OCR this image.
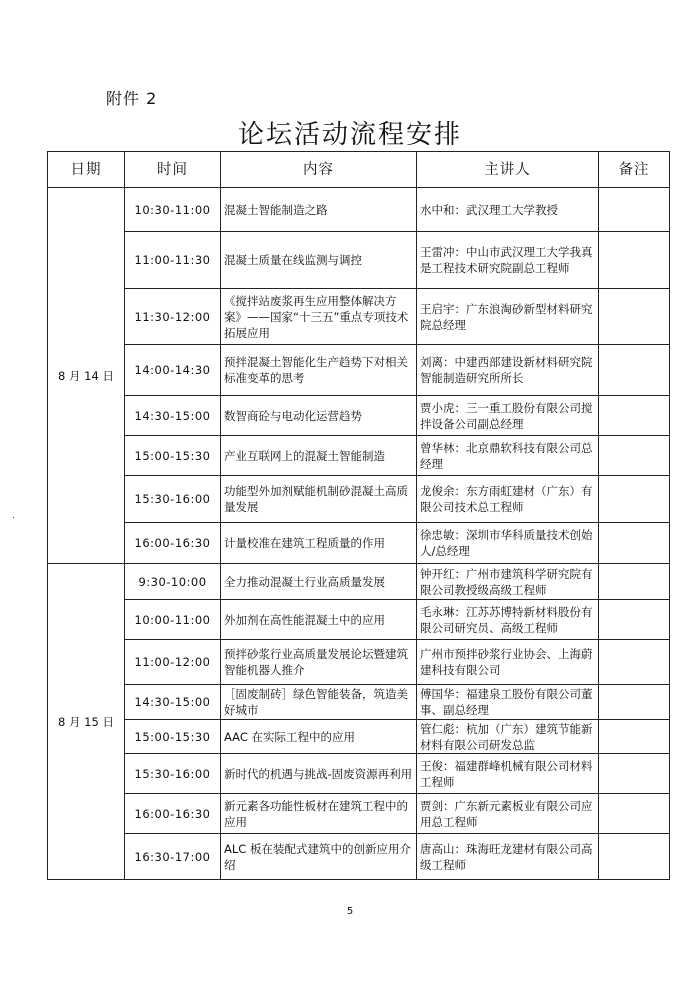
附件 2
论坛活动流程安排
٠
日期	时间	内容	主讲人	备注
8 月 14 日	10:30-11:00	混凝土智能制造之路	水中和：武汉理工大学教授	
	11:00-11:30	混凝土质量在线监测与调控	王雷冲：中山市武汉理工大学我真是工程技术研究院副总工程师	
	11:30-12:00	《搅拌站废浆再生应用整体解决方案》——国家“十三五”重点专项技术拓展应用	王启宇：广东浪淘砂新型材料研究院总经理	
	14:00-14:30	预拌混凝土智能化生产趋势下对相关标准变革的思考	刘离：中建西部建设新材料研究院智能制造研究所所长	
	14:30-15:00	数智商砼与电动化运营趋势	贾小虎：三一重工股份有限公司搅拌设备公司副总经理	
	15:00-15:30	产业互联网上的混凝土智能制造	曾华林：北京鼎软科技有限公司总经理	
	15:30-16:00	功能型外加剂赋能机制砂混凝土高质量发展	龙俊余：东方雨虹建材（广东）有限公司技术总工程师	
	16:00-16:30	计量校准在建筑工程质量的作用	徐忠敏：深圳市华科质量技术创始人/总经理	
8 月 15 日	9:30-10:00	全力推动混凝土行业高质量发展	钟开红：广州市建筑科学研究院有限公司教授级高级工程师	
	10:00-11:00	外加剂在高性能混凝土中的应用	毛永琳：江苏苏博特新材料股份有限公司研究员、高级工程师	
	11:00-12:00	预拌砂浆行业高质量发展论坛暨建筑智能机器人推介	广州市预拌砂浆行业协会、上海蔚建科技有限公司	
	14:30-15:00	［固废制砖］绿色智能装备，筑造美好城市	傅国华：福建泉工股份有限公司董事、副总经理	
	15:00-15:30	AAC 在实际工程中的应用	管仁彪：杭加（广东）建筑节能新材料有限公司研发总监	
	15:30-16:00	新时代的机遇与挑战-固废资源再利用	王俊：福建群峰机械有限公司材料工程师	
	16:00-16:30	新元素各功能性板材在建筑工程中的应用	贾剑：广东新元素板业有限公司应用总工程师	
	16:30-17:00	ALC 板在装配式建筑中的创新应用介绍	唐高山：珠海旺龙建材有限公司高级工程师	
5
